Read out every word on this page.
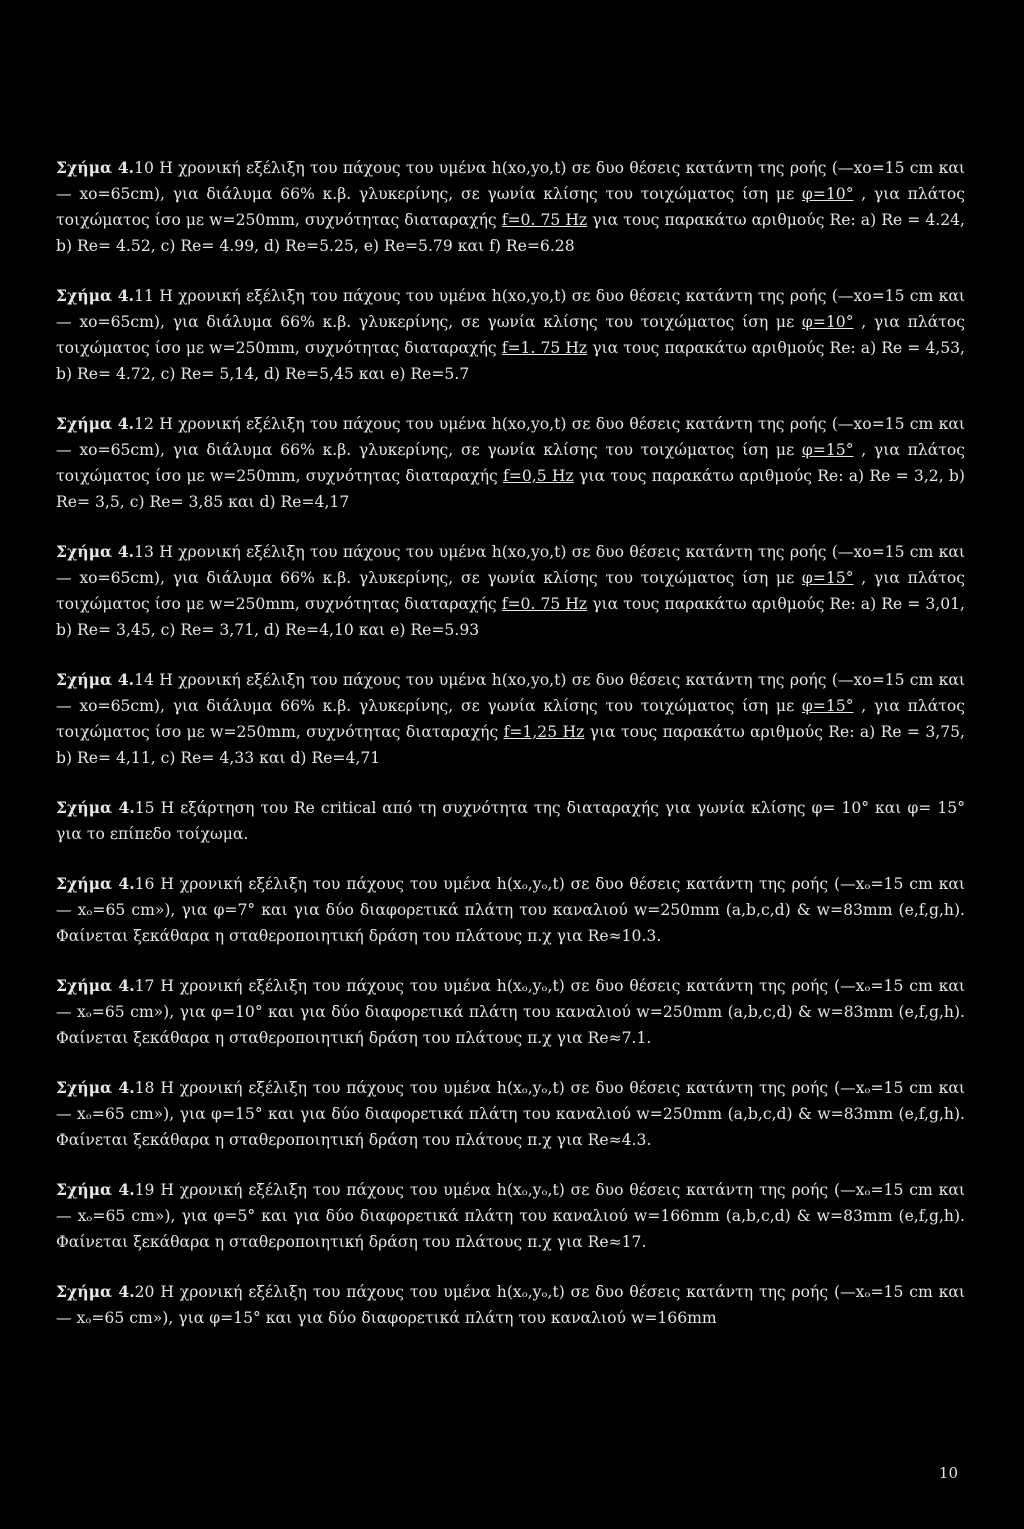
Σχήμα 4.10 Η χρονική εξέλιξη του πάχους του υμένα h(xo,yo,t) σε δυο θέσεις κατάντη της ροής (—xo=15 cm και — xo=65cm), για διάλυμα 66% κ.β. γλυκερίνης, σε γωνία κλίσης του τοιχώματος ίση με φ=10° , για πλάτος τοιχώματος ίσο με w=250mm, συχνότητας διαταραχής f=0. 75 Hz για τους παρακάτω αριθμούς Re: a) Re = 4.24, b) Re= 4.52, c) Re= 4.99, d) Re=5.25, e) Re=5.79 και f) Re=6.28

Σχήμα 4.11 Η χρονική εξέλιξη του πάχους του υμένα h(xo,yo,t) σε δυο θέσεις κατάντη της ροής (—xo=15 cm και — xo=65cm), για διάλυμα 66% κ.β. γλυκερίνης, σε γωνία κλίσης του τοιχώματος ίση με φ=10° , για πλάτος τοιχώματος ίσο με w=250mm, συχνότητας διαταραχής f=1. 75 Hz για τους παρακάτω αριθμούς Re: a) Re = 4,53, b) Re= 4.72, c) Re= 5,14, d) Re=5,45 και e) Re=5.7

Σχήμα 4.12 Η χρονική εξέλιξη του πάχους του υμένα h(xo,yo,t) σε δυο θέσεις κατάντη της ροής (—xo=15 cm και — xo=65cm), για διάλυμα 66% κ.β. γλυκερίνης, σε γωνία κλίσης του τοιχώματος ίση με φ=15° , για πλάτος τοιχώματος ίσο με w=250mm, συχνότητας διαταραχής f=0,5 Hz για τους παρακάτω αριθμούς Re: a) Re = 3,2, b) Re= 3,5, c) Re= 3,85 και d) Re=4,17

Σχήμα 4.13 Η χρονική εξέλιξη του πάχους του υμένα h(xo,yo,t) σε δυο θέσεις κατάντη της ροής (—xo=15 cm και — xo=65cm), για διάλυμα 66% κ.β. γλυκερίνης, σε γωνία κλίσης του τοιχώματος ίση με φ=15° , για πλάτος τοιχώματος ίσο με w=250mm, συχνότητας διαταραχής f=0. 75 Hz για τους παρακάτω αριθμούς Re: a) Re = 3,01, b) Re= 3,45, c) Re= 3,71, d) Re=4,10 και e) Re=5.93

Σχήμα 4.14 Η χρονική εξέλιξη του πάχους του υμένα h(xo,yo,t) σε δυο θέσεις κατάντη της ροής (—xo=15 cm και — xo=65cm), για διάλυμα 66% κ.β. γλυκερίνης, σε γωνία κλίσης του τοιχώματος ίση με φ=15° , για πλάτος τοιχώματος ίσο με w=250mm, συχνότητας διαταραχής f=1,25 Hz για τους παρακάτω αριθμούς Re: a) Re = 3,75, b) Re= 4,11, c) Re= 4,33 και d) Re=4,71

Σχήμα 4.15 Η εξάρτηση του Re critical από τη συχνότητα της διαταραχής για γωνία κλίσης φ= 10° και φ= 15° για το επίπεδο τοίχωμα.

Σχήμα 4.16 Η χρονική εξέλιξη του πάχους του υμένα h(xₒ,yₒ,t) σε δυο θέσεις κατάντη της ροής (—xₒ=15 cm και — xₒ=65 cm»), για φ=7° και για δύο διαφορετικά πλάτη του καναλιού w=250mm (a,b,c,d) & w=83mm (e,f,g,h). Φαίνεται ξεκάθαρα η σταθεροποιητική δράση του πλάτους π.χ για Re≈10.3.

Σχήμα 4.17 Η χρονική εξέλιξη του πάχους του υμένα h(xₒ,yₒ,t) σε δυο θέσεις κατάντη της ροής (—xₒ=15 cm και — xₒ=65 cm»), για φ=10° και για δύο διαφορετικά πλάτη του καναλιού w=250mm (a,b,c,d) & w=83mm (e,f,g,h). Φαίνεται ξεκάθαρα η σταθεροποιητική δράση του πλάτους π.χ για Re≈7.1.

Σχήμα 4.18 Η χρονική εξέλιξη του πάχους του υμένα h(xₒ,yₒ,t) σε δυο θέσεις κατάντη της ροής (—xₒ=15 cm και — xₒ=65 cm»), για φ=15° και για δύο διαφορετικά πλάτη του καναλιού w=250mm (a,b,c,d) & w=83mm (e,f,g,h). Φαίνεται ξεκάθαρα η σταθεροποιητική δράση του πλάτους π.χ για Re≈4.3.

Σχήμα 4.19 Η χρονική εξέλιξη του πάχους του υμένα h(xₒ,yₒ,t) σε δυο θέσεις κατάντη της ροής (—xₒ=15 cm και — xₒ=65 cm»), για φ=5° και για δύο διαφορετικά πλάτη του καναλιού w=166mm (a,b,c,d) & w=83mm (e,f,g,h). Φαίνεται ξεκάθαρα η σταθεροποιητική δράση του πλάτους π.χ για Re≈17.

Σχήμα 4.20 Η χρονική εξέλιξη του πάχους του υμένα h(xₒ,yₒ,t) σε δυο θέσεις κατάντη της ροής (—xₒ=15 cm και — xₒ=65 cm»), για φ=15° και για δύο διαφορετικά πλάτη του καναλιού w=166mm

10
